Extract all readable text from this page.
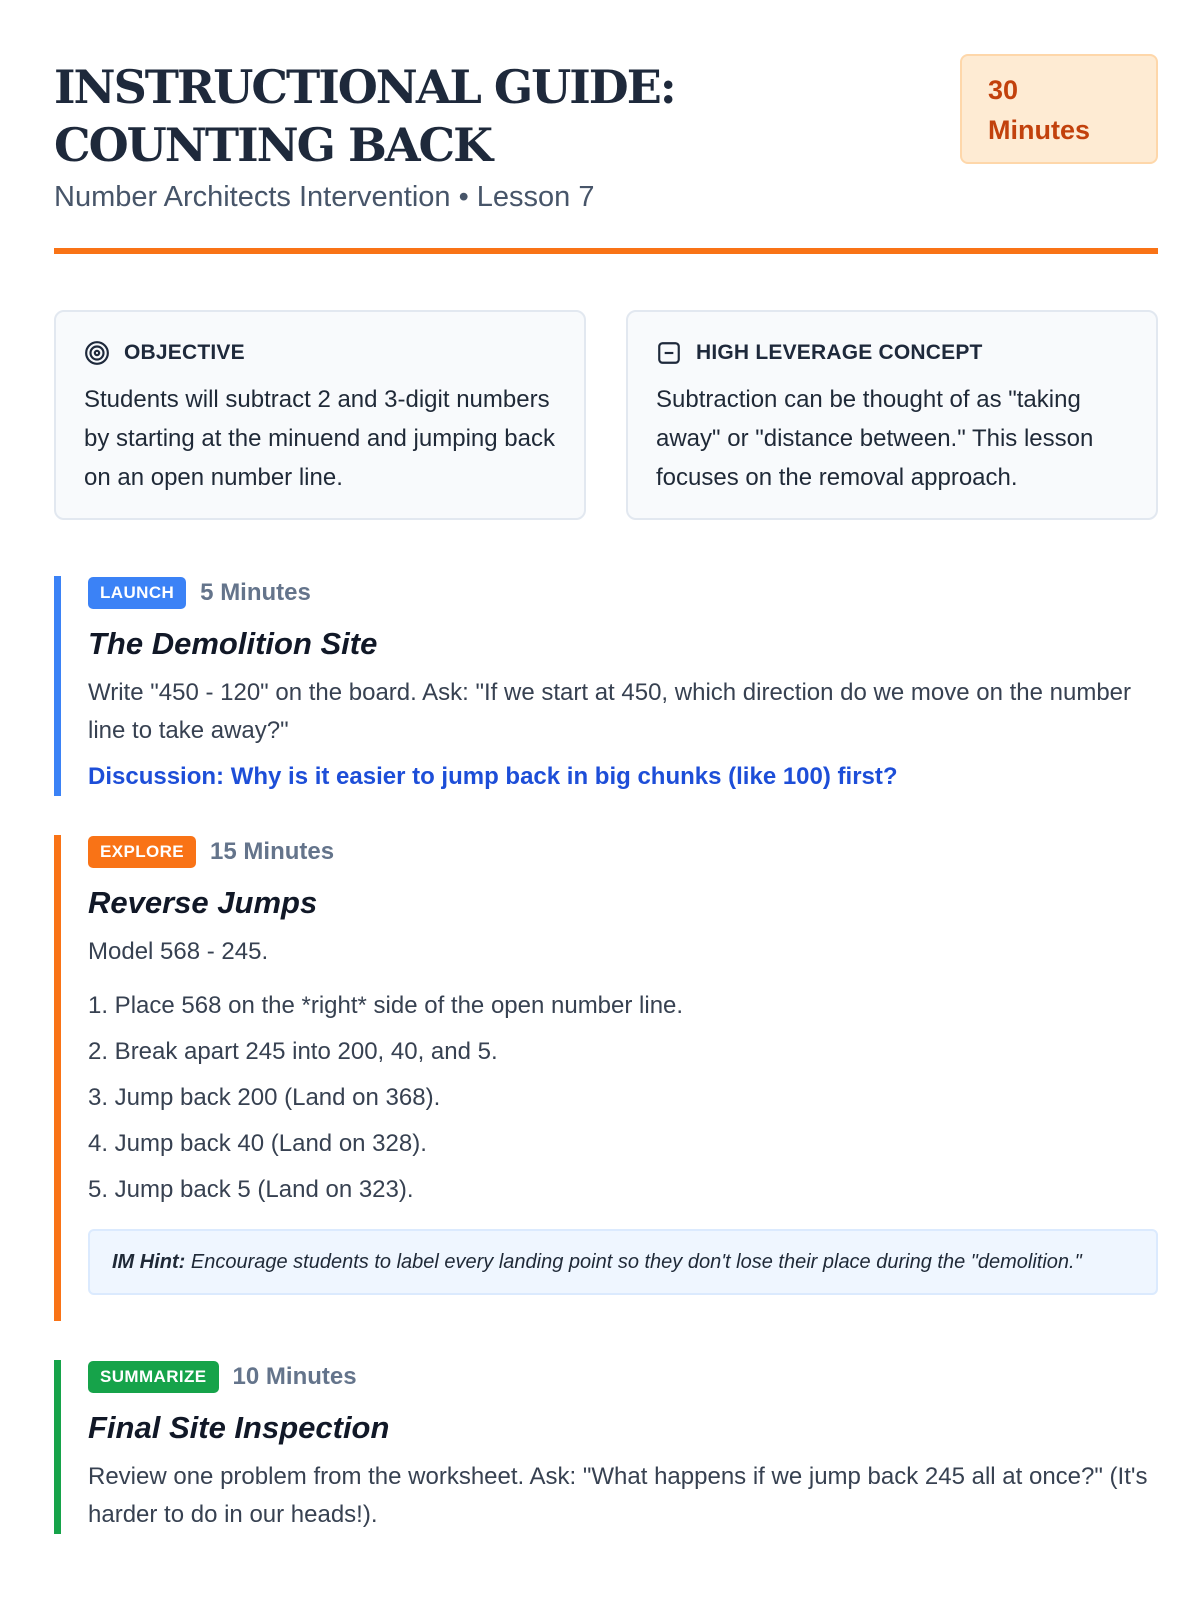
INSTRUCTIONAL GUIDE: COUNTING BACK
Number Architects Intervention • Lesson 7
30
Minutes
OBJECTIVE
Students will subtract 2 and 3-digit numbers by starting at the minuend and jumping back on an open number line.
HIGH LEVERAGE CONCEPT
Subtraction can be thought of as "taking away" or "distance between." This lesson focuses on the removal approach.
LAUNCH	5 Minutes
The Demolition Site
Write "450 - 120" on the board. Ask: "If we start at 450, which direction do we move on the number line to take away?"
Discussion: Why is it easier to jump back in big chunks (like 100) first?
EXPLORE	15 Minutes
Reverse Jumps
Model 568 - 245.
1. Place 568 on the *right* side of the open number line.
2. Break apart 245 into 200, 40, and 5.
3. Jump back 200 (Land on 368).
4. Jump back 40 (Land on 328).
5. Jump back 5 (Land on 323).
IM Hint: Encourage students to label every landing point so they don't lose their place during the "demolition."
SUMMARIZE	10 Minutes
Final Site Inspection
Review one problem from the worksheet. Ask: "What happens if we jump back 245 all at once?" (It's harder to do in our heads!).
